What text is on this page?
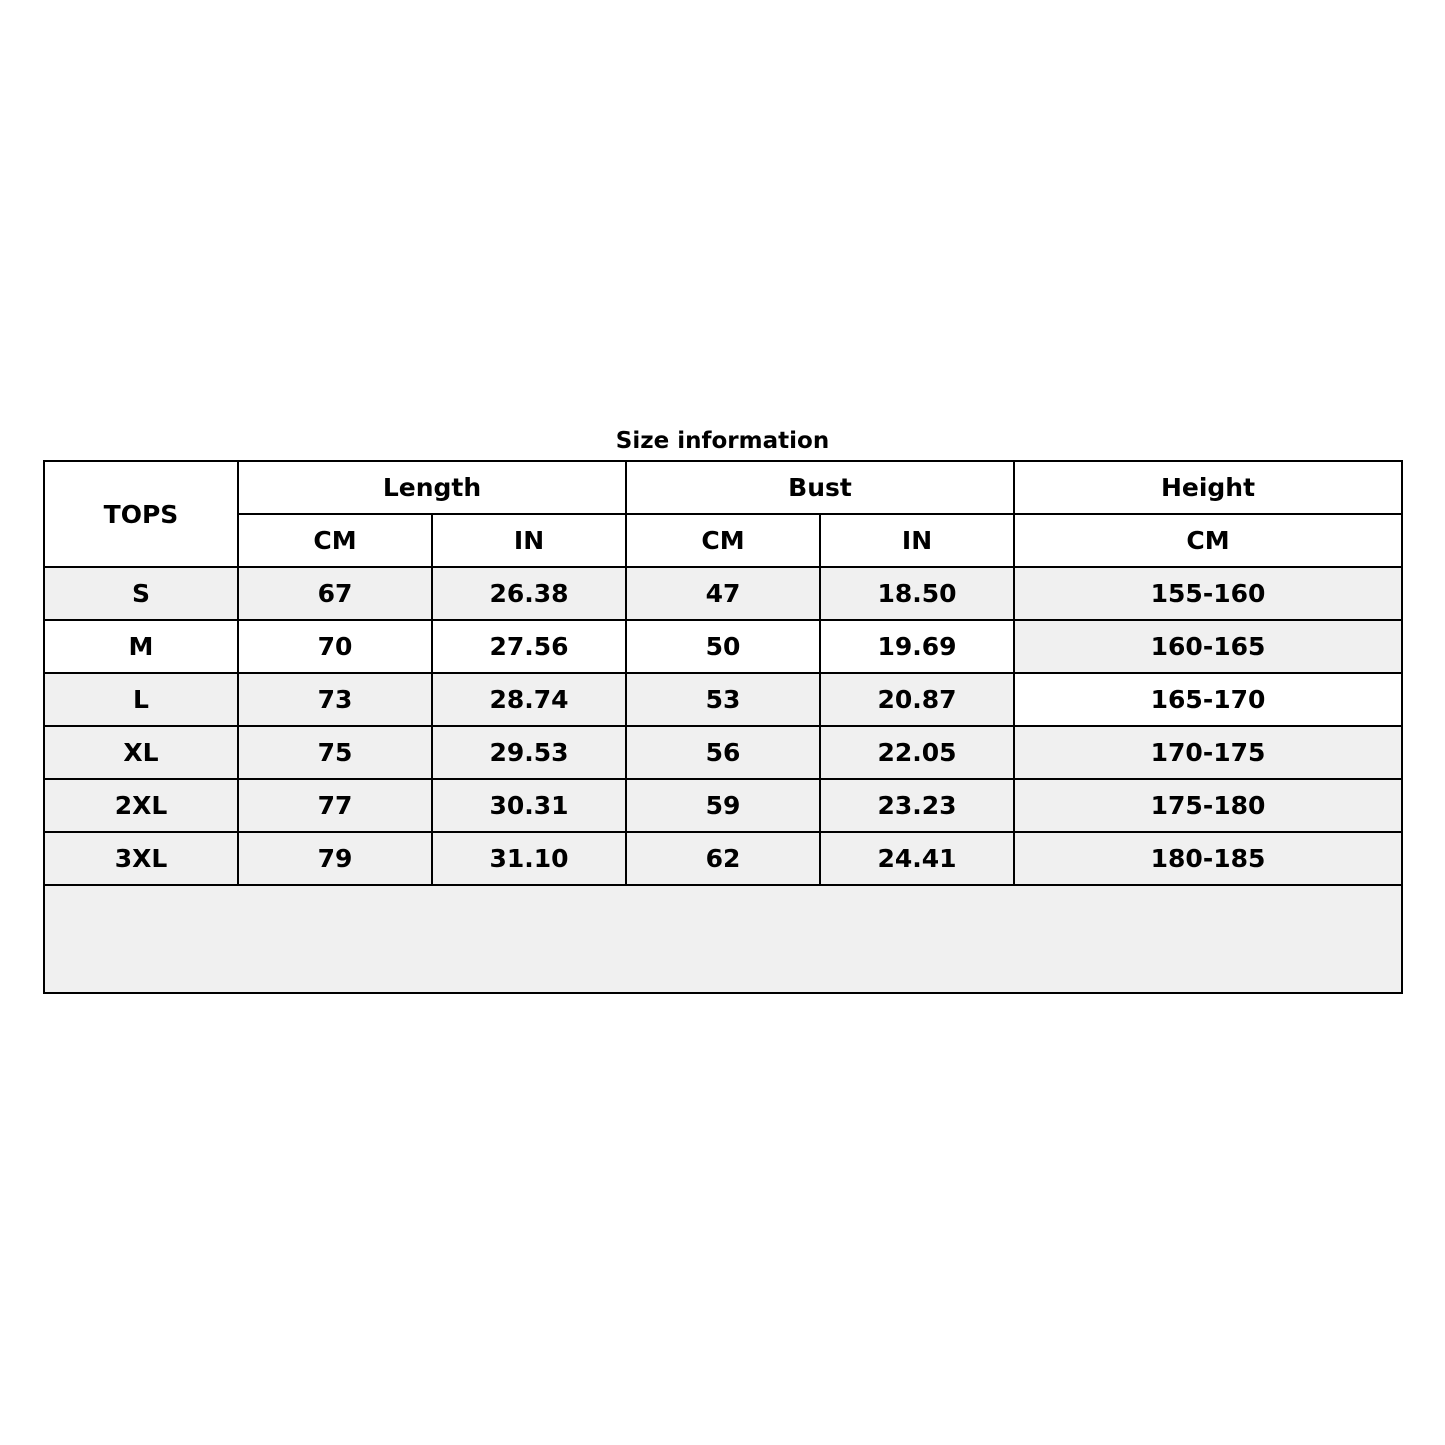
Size information
TOPS	Length		Bust		Height
	CM	IN	CM	IN	CM
S	67	26.38	47	18.50	155-160
M	70	27.56	50	19.69	160-165
L	73	28.74	53	20.87	165-170
XL	75	29.53	56	22.05	170-175
2XL	77	30.31	59	23.23	175-180
3XL	79	31.10	62	24.41	180-185
